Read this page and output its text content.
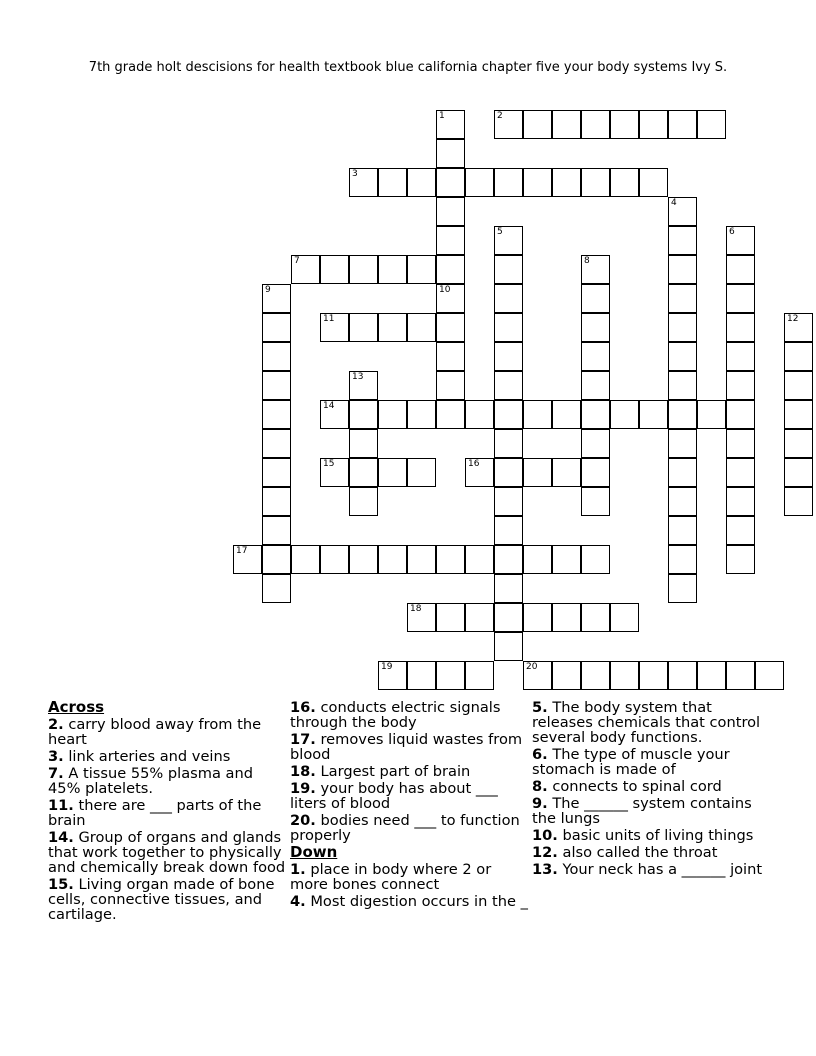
7th grade holt descisions for health textbook blue california chapter five your body systems Ivy S.
1	2
3
4
5	6
7	8
9	10
11	12
13
14
15	16
17
18
19	20
Across
2. carry blood away from the heart
3. link arteries and veins
7. A tissue 55% plasma and 45% platelets.
11. there are ___ parts of the brain
14. Group of organs and glands that work together to physically and chemically break down food
15. Living organ made of bone cells, connective tissues, and cartilage.
16. conducts electric signals through the body
17. removes liquid wastes from blood
18. Largest part of brain
19. your body has about ___ liters of blood
20. bodies need ___ to function properly
Down
1. place in body where 2 or more bones connect
4. Most digestion occurs in the _
5. The body system that releases chemicals that control several body functions.
6. The type of muscle your stomach is made of
8. connects to spinal cord
9. The ______ system contains the lungs
10. basic units of living things
12. also called the throat
13. Your neck has a ______ joint
